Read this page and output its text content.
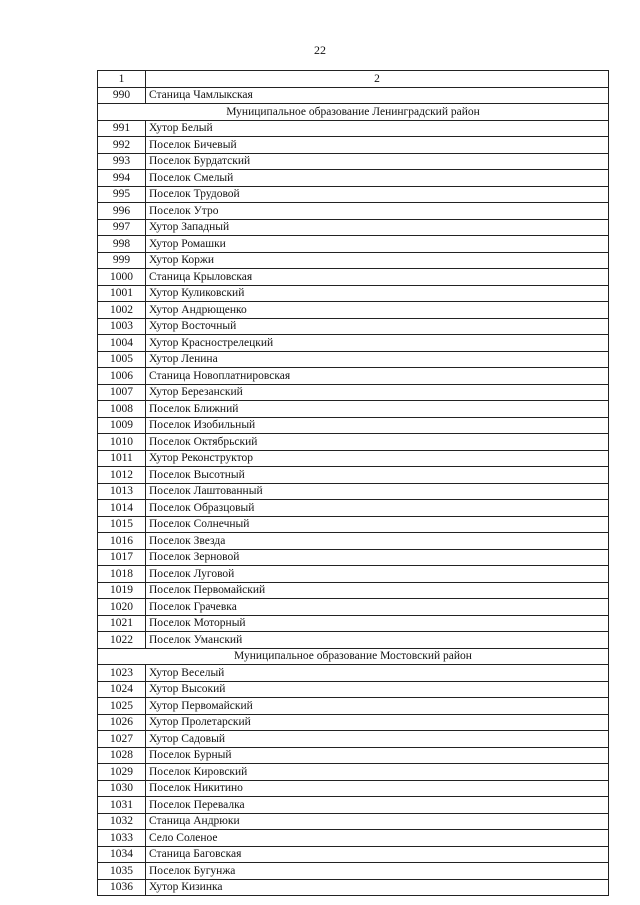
22
1	2
990	Станица Чамлыкская
Муниципальное образование Ленинградский район	
991	Хутор Белый
992	Поселок Бичевый
993	Поселок Бурдатский
994	Поселок Смелый
995	Поселок Трудовой
996	Поселок Утро
997	Хутор Западный
998	Хутор Ромашки
999	Хутор Коржи
1000	Станица Крыловская
1001	Хутор Куликовский
1002	Хутор Андрющенко
1003	Хутор Восточный
1004	Хутор Краснострелецкий
1005	Хутор Ленина
1006	Станица Новоплатнировская
1007	Хутор Березанский
1008	Поселок Ближний
1009	Поселок Изобильный
1010	Поселок Октябрьский
1011	Хутор Реконструктор
1012	Поселок Высотный
1013	Поселок Лаштованный
1014	Поселок Образцовый
1015	Поселок Солнечный
1016	Поселок Звезда
1017	Поселок Зерновой
1018	Поселок Луговой
1019	Поселок Первомайский
1020	Поселок Грачевка
1021	Поселок Моторный
1022	Поселок Уманский
Муниципальное образование Мостовский район	
1023	Хутор Веселый
1024	Хутор Высокий
1025	Хутор Первомайский
1026	Хутор Пролетарский
1027	Хутор Садовый
1028	Поселок Бурный
1029	Поселок Кировский
1030	Поселок Никитино
1031	Поселок Перевалка
1032	Станица Андрюки
1033	Село Соленое
1034	Станица Баговская
1035	Поселок Бугунжа
1036	Хутор Кизинка
